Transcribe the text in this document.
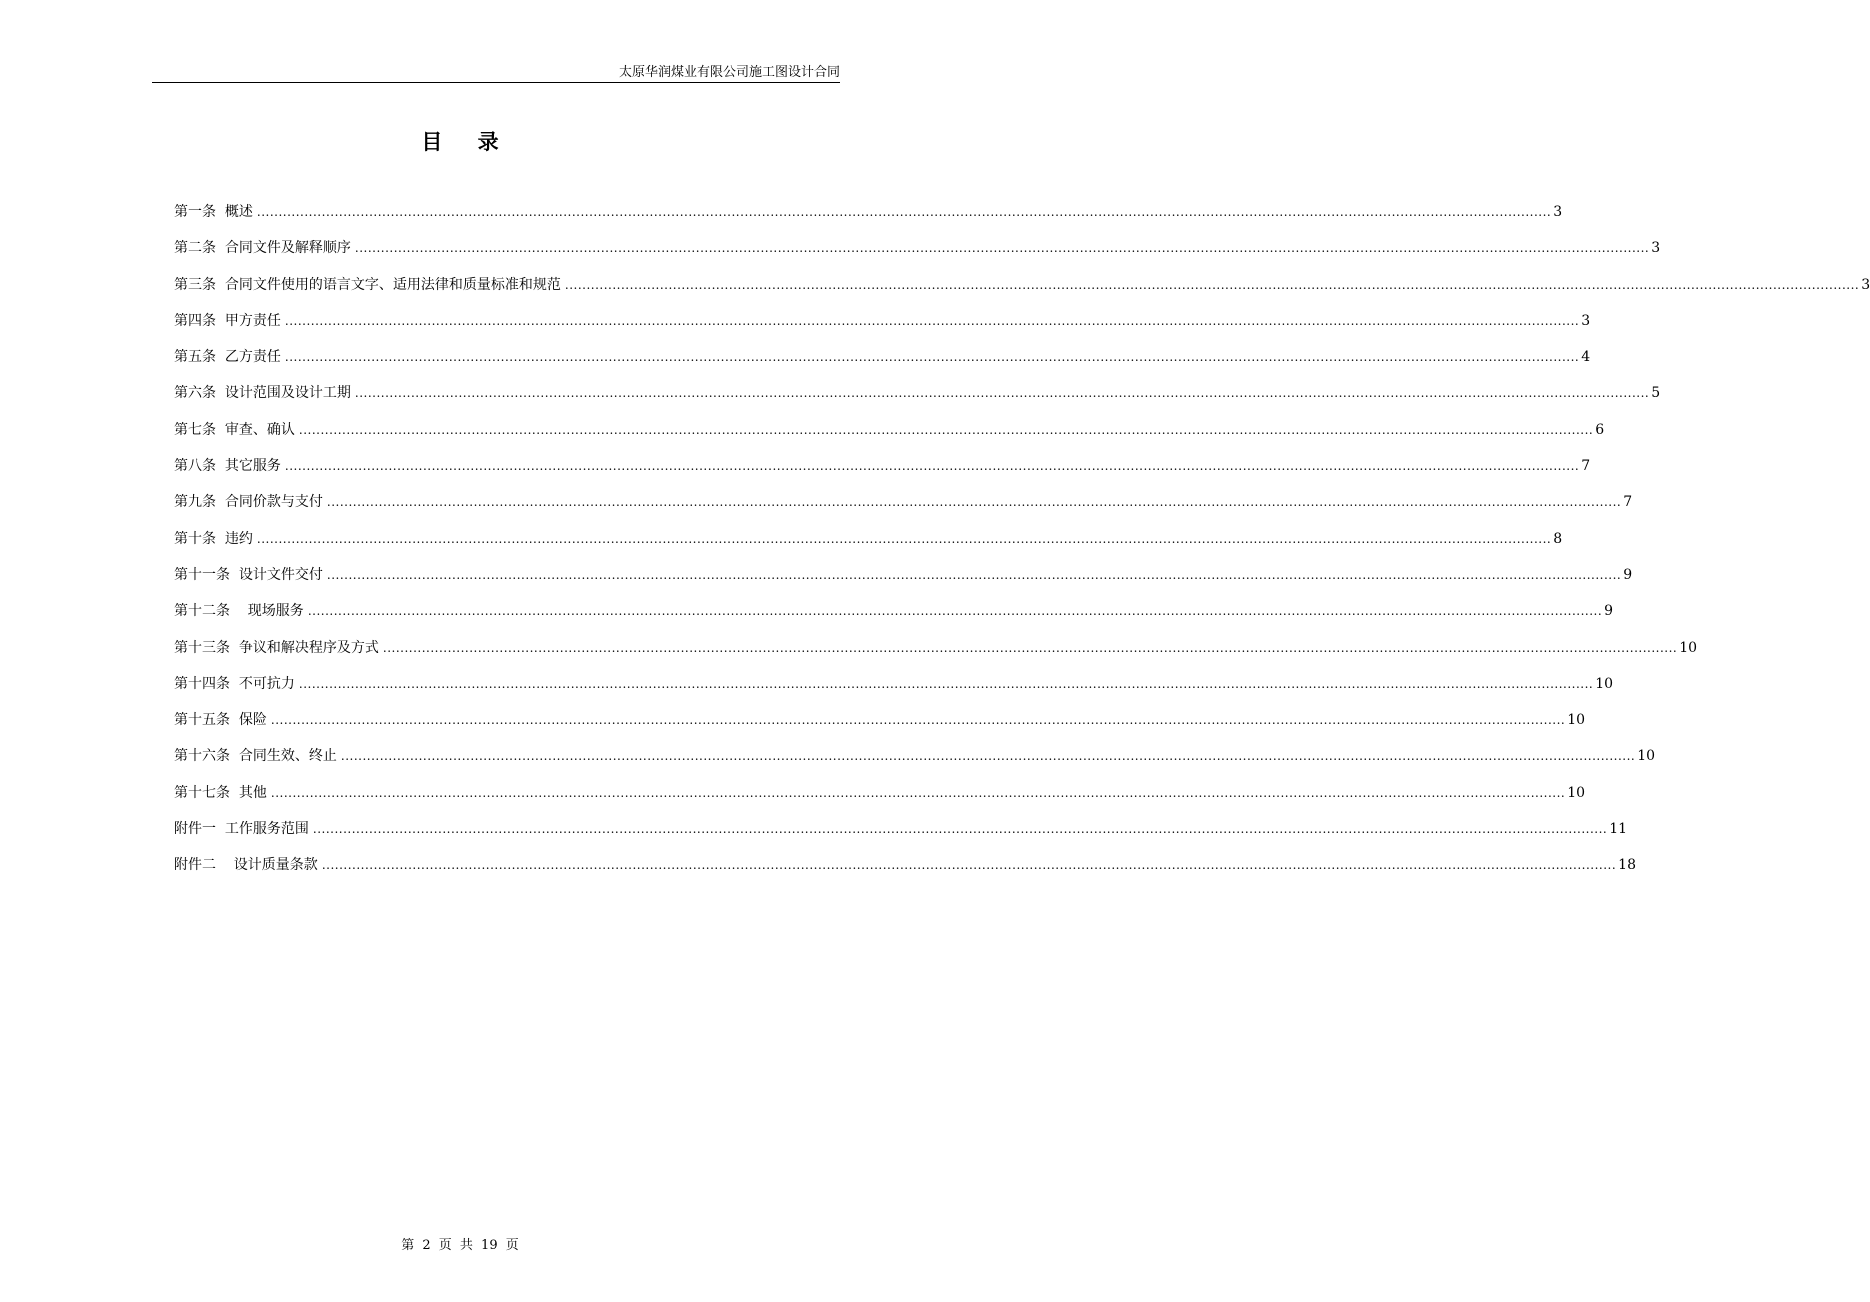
太原华润煤业有限公司施工图设计合同
目 录
第一条  概述 ............................................................................................................................................................................................................................................................................................................ 3
第二条  合同文件及解释顺序 ............................................................................................................................................................................................................................................................................................................ 3
第三条  合同文件使用的语言文字、适用法律和质量标准和规范 ............................................................................................................................................................................................................................................................................................................ 3
第四条  甲方责任 ............................................................................................................................................................................................................................................................................................................ 3
第五条  乙方责任 ............................................................................................................................................................................................................................................................................................................ 4
第六条  设计范围及设计工期 ............................................................................................................................................................................................................................................................................................................ 5
第七条  审查、确认 ............................................................................................................................................................................................................................................................................................................ 6
第八条  其它服务 ............................................................................................................................................................................................................................................................................................................ 7
第九条  合同价款与支付 ............................................................................................................................................................................................................................................................................................................ 7
第十条  违约 ............................................................................................................................................................................................................................................................................................................ 8
第十一条  设计文件交付 ............................................................................................................................................................................................................................................................................................................ 9
第十二条    现场服务 ............................................................................................................................................................................................................................................................................................................ 9
第十三条  争议和解决程序及方式 ............................................................................................................................................................................................................................................................................................................ 10
第十四条  不可抗力 ............................................................................................................................................................................................................................................................................................................ 10
第十五条  保险 ............................................................................................................................................................................................................................................................................................................ 10
第十六条  合同生效、终止 ............................................................................................................................................................................................................................................................................................................ 10
第十七条  其他 ............................................................................................................................................................................................................................................................................................................ 10
附件一  工作服务范围 ............................................................................................................................................................................................................................................................................................................ 11
附件二    设计质量条款 ............................................................................................................................................................................................................................................................................................................ 18
第 2 页 共 19 页
